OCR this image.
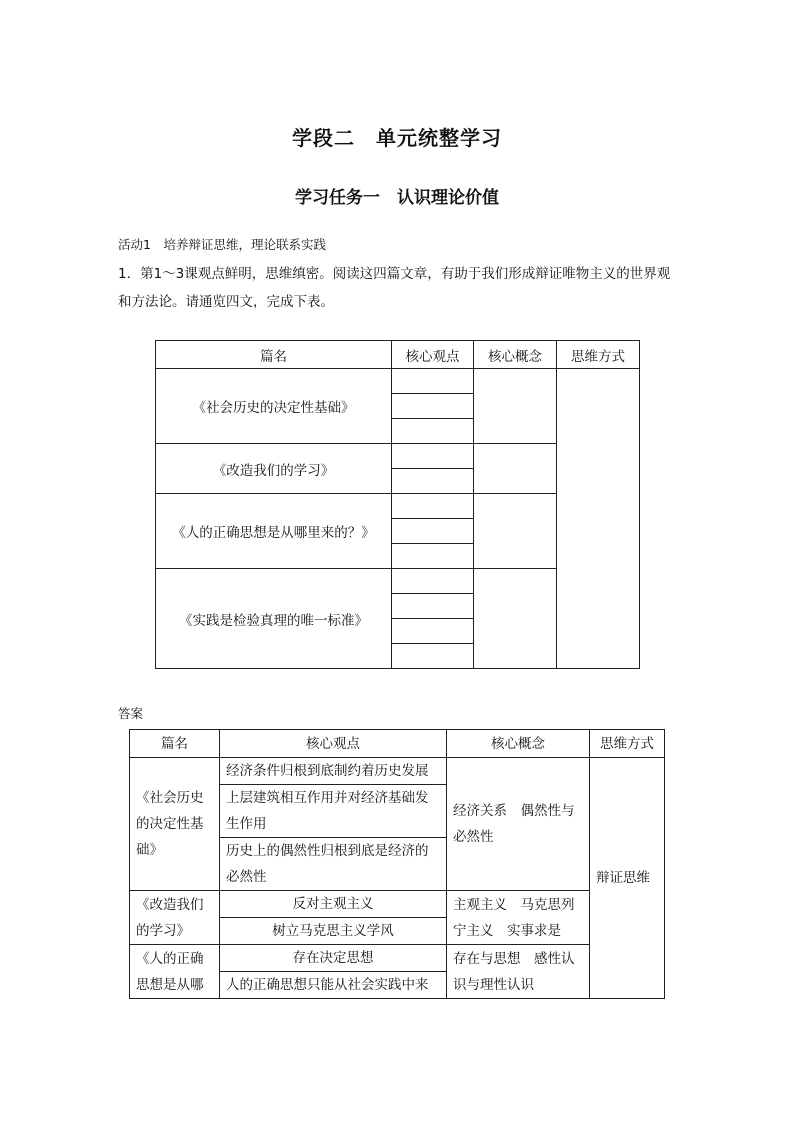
学段二　单元统整学习
学习任务一　认识理论价值
活动1　培养辩证思维，理论联系实践
1．第1～3课观点鲜明，思维缜密。阅读这四篇文章，有助于我们形成辩证唯物主义的世界观和方法论。请通览四文，完成下表。
篇名	核心观点	核心概念	思维方式
《社会历史的决定性基础》			

《改造我们的学习》			

《人的正确思想是从哪里来的？》			

《实践是检验真理的唯一标准》			

答案
篇名	核心观点	核心概念	思维方式
《社会历史的决定性基础》	经济条件归根到底制约着历史发展	经济关系　偶然性与必然性	辩证思维
	上层建筑相互作用并对经济基础发生作用		
	历史上的偶然性归根到底是经济的必然性		
《改造我们的学习》	反对主观主义	主观主义　马克思列宁主义　实事求是	
	树立马克思主义学风		
《人的正确思想是从哪	存在决定思想	存在与思想　感性认识与理性认识	
	人的正确思想只能从社会实践中来		
